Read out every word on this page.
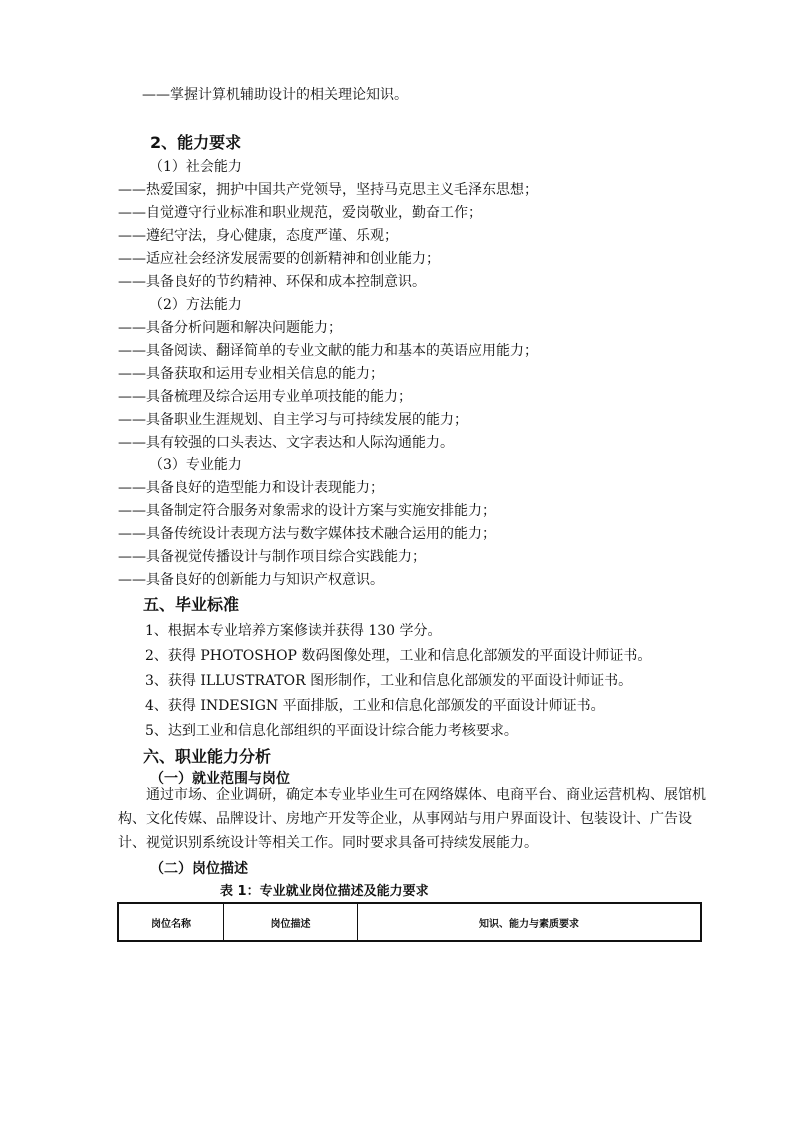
——掌握计算机辅助设计的相关理论知识。
2、能力要求
（1）社会能力
——热爱国家，拥护中国共产党领导，坚持马克思主义毛泽东思想；
——自觉遵守行业标准和职业规范，爱岗敬业，勤奋工作；
——遵纪守法，身心健康，态度严谨、乐观；
——适应社会经济发展需要的创新精神和创业能力；
——具备良好的节约精神、环保和成本控制意识。
（2）方法能力
——具备分析问题和解决问题能力；
——具备阅读、翻译简单的专业文献的能力和基本的英语应用能力；
——具备获取和运用专业相关信息的能力；
——具备梳理及综合运用专业单项技能的能力；
——具备职业生涯规划、自主学习与可持续发展的能力；
——具有较强的口头表达、文字表达和人际沟通能力。
（3）专业能力
——具备良好的造型能力和设计表现能力；
——具备制定符合服务对象需求的设计方案与实施安排能力；
——具备传统设计表现方法与数字媒体技术融合运用的能力；
——具备视觉传播设计与制作项目综合实践能力；
——具备良好的创新能力与知识产权意识。
五、毕业标准
1、根据本专业培养方案修读并获得 130 学分。
2、获得 PHOTOSHOP 数码图像处理，工业和信息化部颁发的平面设计师证书。
3、获得 ILLUSTRATOR 图形制作，工业和信息化部颁发的平面设计师证书。
4、获得 INDESIGN 平面排版，工业和信息化部颁发的平面设计师证书。
5、达到工业和信息化部组织的平面设计综合能力考核要求。
六、职业能力分析
（一）就业范围与岗位
通过市场、企业调研，确定本专业毕业生可在网络媒体、电商平台、商业运营机构、展馆机构、文化传媒、品牌设计、房地产开发等企业，从事网站与用户界面设计、包装设计、广告设计、视觉识别系统设计等相关工作。同时要求具备可持续发展能力。
（二）岗位描述
表 1：专业就业岗位描述及能力要求
岗位名称	岗位描述	知识、能力与素质要求
